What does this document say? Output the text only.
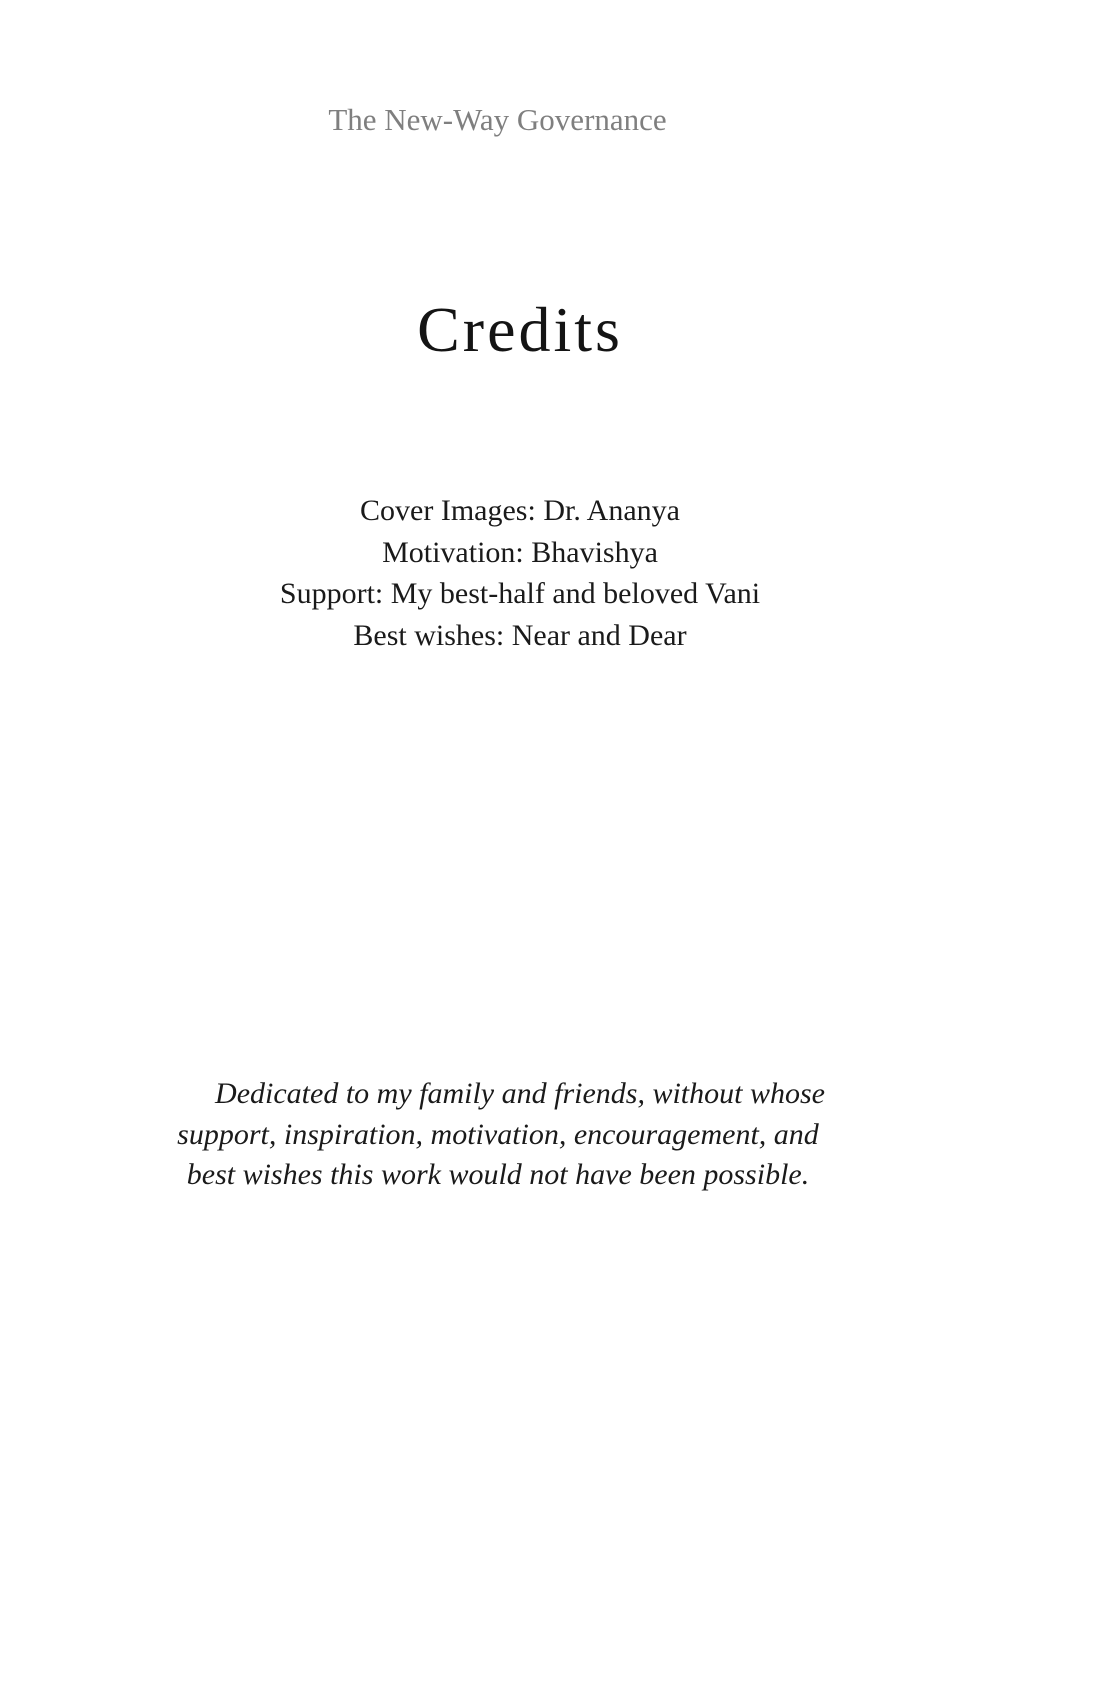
The New-Way Governance
Credits
Cover Images: Dr. Ananya
Motivation: Bhavishya
Support: My best-half and beloved Vani
Best wishes: Near and Dear
Dedicated to my family and friends, without whose
support, inspiration, motivation, encouragement, and
best wishes this work would not have been possible.
